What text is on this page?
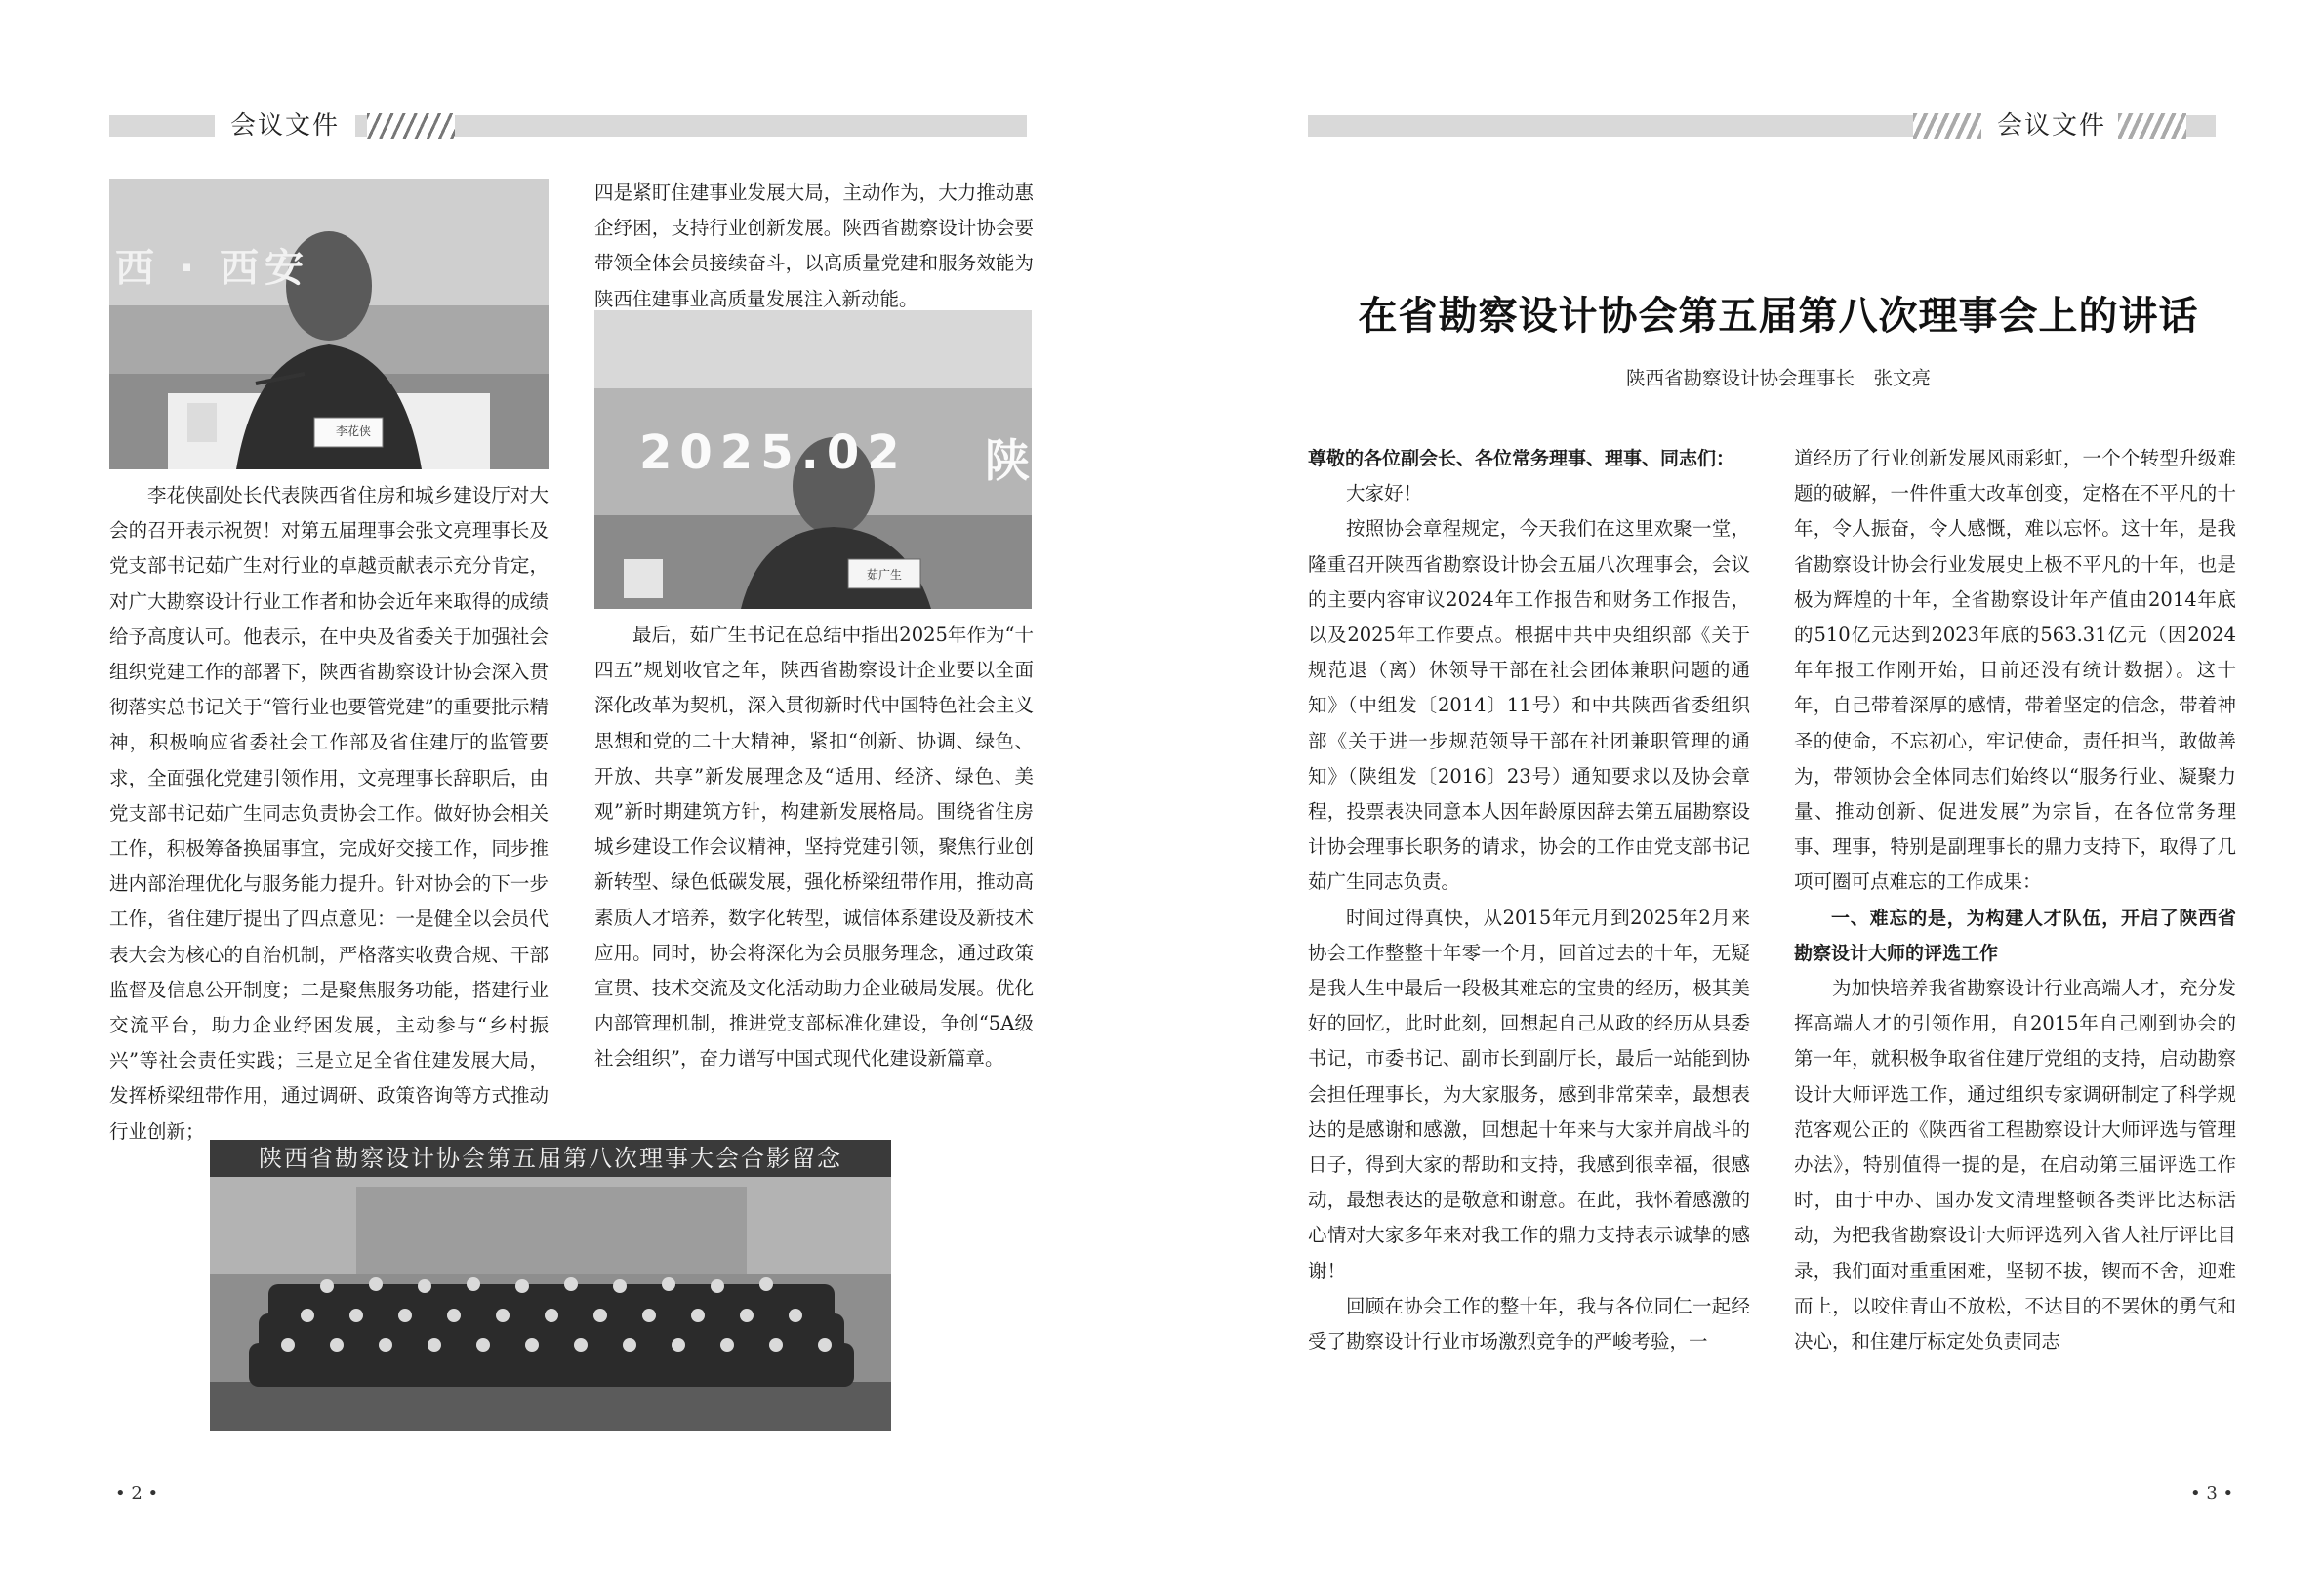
会议文件
西 · 西安
李花侠	2025.02 陕
茹广生

李花侠副处长代表陕西省住房和城乡建设厅对大会的召开表示祝贺！对第五届理事会张文亮理事长及党支部书记茹广生对行业的卓越贡献表示充分肯定，对广大勘察设计行业工作者和协会近年来取得的成绩给予高度认可。他表示，在中央及省委关于加强社会组织党建工作的部署下，陕西省勘察设计协会深入贯彻落实总书记关于“管行业也要管党建”的重要批示精神，积极响应省委社会工作部及省住建厅的监管要求，全面强化党建引领作用，文亮理事长辞职后，由党支部书记茹广生同志负责协会工作。做好协会相关工作，积极筹备换届事宜，完成好交接工作，同步推进内部治理优化与服务能力提升。针对协会的下一步工作，省住建厅提出了四点意见：一是健全以会员代表大会为核心的自治机制，严格落实收费合规、干部监督及信息公开制度；二是聚焦服务功能，搭建行业交流平台，助力企业纾困发展，主动参与“乡村振兴”等社会责任实践；三是立足全省住建发展大局，发挥桥梁纽带作用，通过调研、政策咨询等方式推动行业创新；

四是紧盯住建事业发展大局，主动作为，大力推动惠企纾困，支持行业创新发展。陕西省勘察设计协会要带领全体会员接续奋斗，以高质量党建和服务效能为陕西住建事业高质量发展注入新动能。

最后，茹广生书记在总结中指出2025年作为“十四五”规划收官之年，陕西省勘察设计企业要以全面深化改革为契机，深入贯彻新时代中国特色社会主义思想和党的二十大精神，紧扣“创新、协调、绿色、开放、共享”新发展理念及“适用、经济、绿色、美观”新时期建筑方针，构建新发展格局。围绕省住房城乡建设工作会议精神，坚持党建引领，聚焦行业创新转型、绿色低碳发展，强化桥梁纽带作用，推动高素质人才培养，数字化转型，诚信体系建设及新技术应用。同时，协会将深化为会员服务理念，通过政策宣贯、技术交流及文化活动助力企业破局发展。优化内部管理机制，推进党支部标准化建设，争创“5A级社会组织”，奋力谱写中国式现代化建设新篇章。

陕西省勘察设计协会第五届第八次理事大会合影留念
• 2 •
会议文件
在省勘察设计协会第五届第八次理事会上的讲话
陕西省勘察设计协会理事长　张文亮

尊敬的各位副会长、各位常务理事、理事、同志们：

大家好！

按照协会章程规定，今天我们在这里欢聚一堂，隆重召开陕西省勘察设计协会五届八次理事会，会议的主要内容审议2024年工作报告和财务工作报告，以及2025年工作要点。根据中共中央组织部《关于规范退（离）休领导干部在社会团体兼职问题的通知》（中组发〔2014〕11号）和中共陕西省委组织部《关于进一步规范领导干部在社团兼职管理的通知》（陕组发〔2016〕23号）通知要求以及协会章程，投票表决同意本人因年龄原因辞去第五届勘察设计协会理事长职务的请求，协会的工作由党支部书记茹广生同志负责。

时间过得真快，从2015年元月到2025年2月来协会工作整整十年零一个月，回首过去的十年，无疑是我人生中最后一段极其难忘的宝贵的经历，极其美好的回忆，此时此刻，回想起自己从政的经历从县委书记，市委书记、副市长到副厅长，最后一站能到协会担任理事长，为大家服务，感到非常荣幸，最想表达的是感谢和感激，回想起十年来与大家并肩战斗的日子，得到大家的帮助和支持，我感到很幸福，很感动，最想表达的是敬意和谢意。在此，我怀着感激的心情对大家多年来对我工作的鼎力支持表示诚挚的感谢！

回顾在协会工作的整十年，我与各位同仁一起经受了勘察设计行业市场激烈竞争的严峻考验，一

道经历了行业创新发展风雨彩虹，一个个转型升级难题的破解，一件件重大改革创变，定格在不平凡的十年，令人振奋，令人感慨，难以忘怀。这十年，是我省勘察设计协会行业发展史上极不平凡的十年，也是极为辉煌的十年，全省勘察设计年产值由2014年底的510亿元达到2023年底的563.31亿元（因2024年年报工作刚开始，目前还没有统计数据）。这十年，自己带着深厚的感情，带着坚定的信念，带着神圣的使命，不忘初心，牢记使命，责任担当，敢做善为，带领协会全体同志们始终以“服务行业、凝聚力量、推动创新、促进发展”为宗旨，在各位常务理事、理事，特别是副理事长的鼎力支持下，取得了几项可圈可点难忘的工作成果：

一、难忘的是，为构建人才队伍，开启了陕西省勘察设计大师的评选工作

为加快培养我省勘察设计行业高端人才，充分发挥高端人才的引领作用，自2015年自己刚到协会的第一年，就积极争取省住建厅党组的支持，启动勘察设计大师评选工作，通过组织专家调研制定了科学规范客观公正的《陕西省工程勘察设计大师评选与管理办法》，特别值得一提的是，在启动第三届评选工作时，由于中办、国办发文清理整顿各类评比达标活动，为把我省勘察设计大师评选列入省人社厅评比目录，我们面对重重困难，坚韧不拔，锲而不舍，迎难而上，以咬住青山不放松，不达目的不罢休的勇气和决心，和住建厅标定处负责同志

• 3 •
